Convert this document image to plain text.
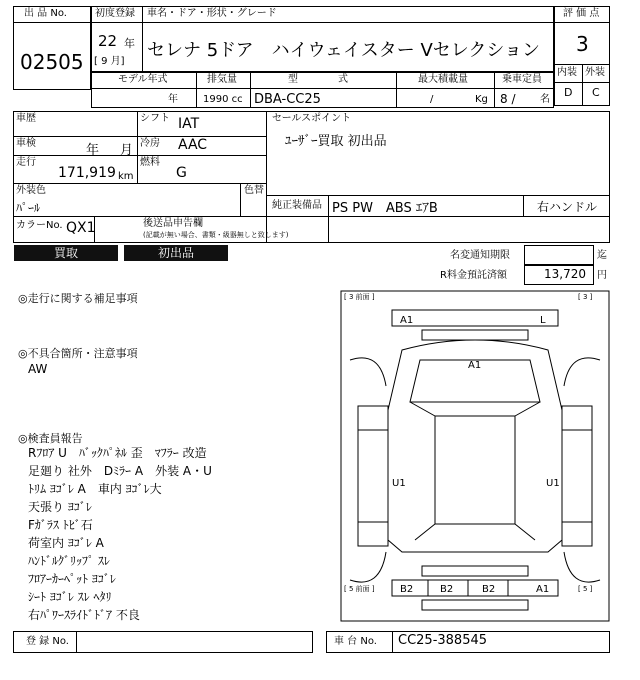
出 品 No.
02505
初度登録 車名・ドア・形状・グレード
22 年
[ 9 月]
セレナ 5ドア　ハイウェイスター Vセレクション
評 価 点
3
内装 外装
D C
モデル年式
年
排気量
1990 cc
型　　　　式
DBA-CC25
最大積載量
/	Kg
乗車定員
8 / 名
車歴
車検	年 月
走行
171,919 km
シフト IAT
冷房 AAC
燃料
G
セールスポイント
ﾕｰｻﾞｰ買取 初出品
外装色
ﾊﾟｰﾙ
色替
純正装備品 PS PW　ABS ｴｱB	右ハンドル
カラーNo. QX1	後送品申告欄
(記載が無い場合、書類・級器無しと致します)
買取	初出品	名変通知期限	迄
R料金預託済額	13,720 円
◎走行に関する補足事項
◎不具合箇所・注意事項
AW
◎検査員報告
Rﾌﾛｱ U　ﾊﾞｯｸﾊﾟﾈﾙ 歪　ﾏﾌﾗｰ 改造
足廻り 社外　Dﾐﾗｰ A　外装 A・U
ﾄﾘﾑ ﾖｺﾞﾚ A　車内 ﾖｺﾞﾚ大
天張り ﾖｺﾞﾚ
Fｶﾞﾗｽ ﾄﾋﾞ石
荷室内 ﾖｺﾞﾚ A
ﾊﾝﾄﾞﾙｸﾞﾘｯﾌﾟ ｽﾚ
ﾌﾛｱｰｶｰﾍﾟｯﾄ ﾖｺﾞﾚ
ｼｰﾄ ﾖｺﾞﾚ ｽﾚ ﾍﾀﾘ
右ﾊﾟﾜｰｽﾗｲﾄﾞﾄﾞｱ 不良
[ 3 前面 ]	[ 3 ]
[ 5 前面 ]	[ 5 ]
A1	L
A1
U1	U1
B2	B2	B2	A1
登 録 No.	車 台 No. CC25-388545
